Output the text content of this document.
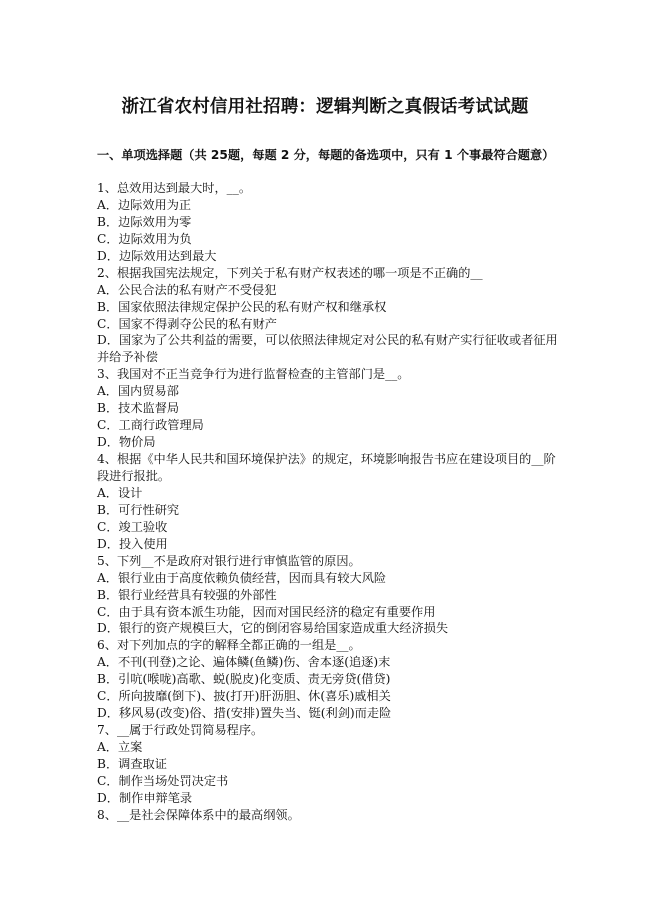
浙江省农村信用社招聘：逻辑判断之真假话考试试题
一、单项选择题（共 25题，每题 2 分，每题的备选项中，只有 1 个事最符合题意）
1、总效用达到最大时，__。
A．边际效用为正
B．边际效用为零
C．边际效用为负
D．边际效用达到最大
2、根据我国宪法规定，下列关于私有财产权表述的哪一项是不正确的__
A．公民合法的私有财产不受侵犯
B．国家依照法律规定保护公民的私有财产权和继承权
C．国家不得剥夺公民的私有财产
D．国家为了公共利益的需要，可以依照法律规定对公民的私有财产实行征收或者征用并给予补偿
3、我国对不正当竞争行为进行监督检查的主管部门是__。
A．国内贸易部
B．技术监督局
C．工商行政管理局
D．物价局
4、根据《中华人民共和国环境保护法》的规定，环境影响报告书应在建设项目的__阶段进行报批。
A．设计
B．可行性研究
C．竣工验收
D．投入使用
5、下列__不是政府对银行进行审慎监管的原因。
A．银行业由于高度依赖负债经营，因而具有较大风险
B．银行业经营具有较强的外部性
C．由于具有资本派生功能，因而对国民经济的稳定有重要作用
D．银行的资产规模巨大，它的倒闭容易给国家造成重大经济损失
6、对下列加点的字的解释全都正确的一组是__。
A．不刊(刊登)之论、遍体鳞(鱼鳞)伤、舍本逐(追逐)末
B．引吭(喉咙)高歌、蜕(脱皮)化变质、责无旁贷(借贷)
C．所向披靡(倒下)、披(打开)肝沥胆、休(喜乐)戚相关
D．移风易(改变)俗、措(安排)置失当、铤(利剑)而走险
7、__属于行政处罚简易程序。
A．立案
B．调查取证
C．制作当场处罚决定书
D．制作申辩笔录
8、__是社会保障体系中的最高纲领。
